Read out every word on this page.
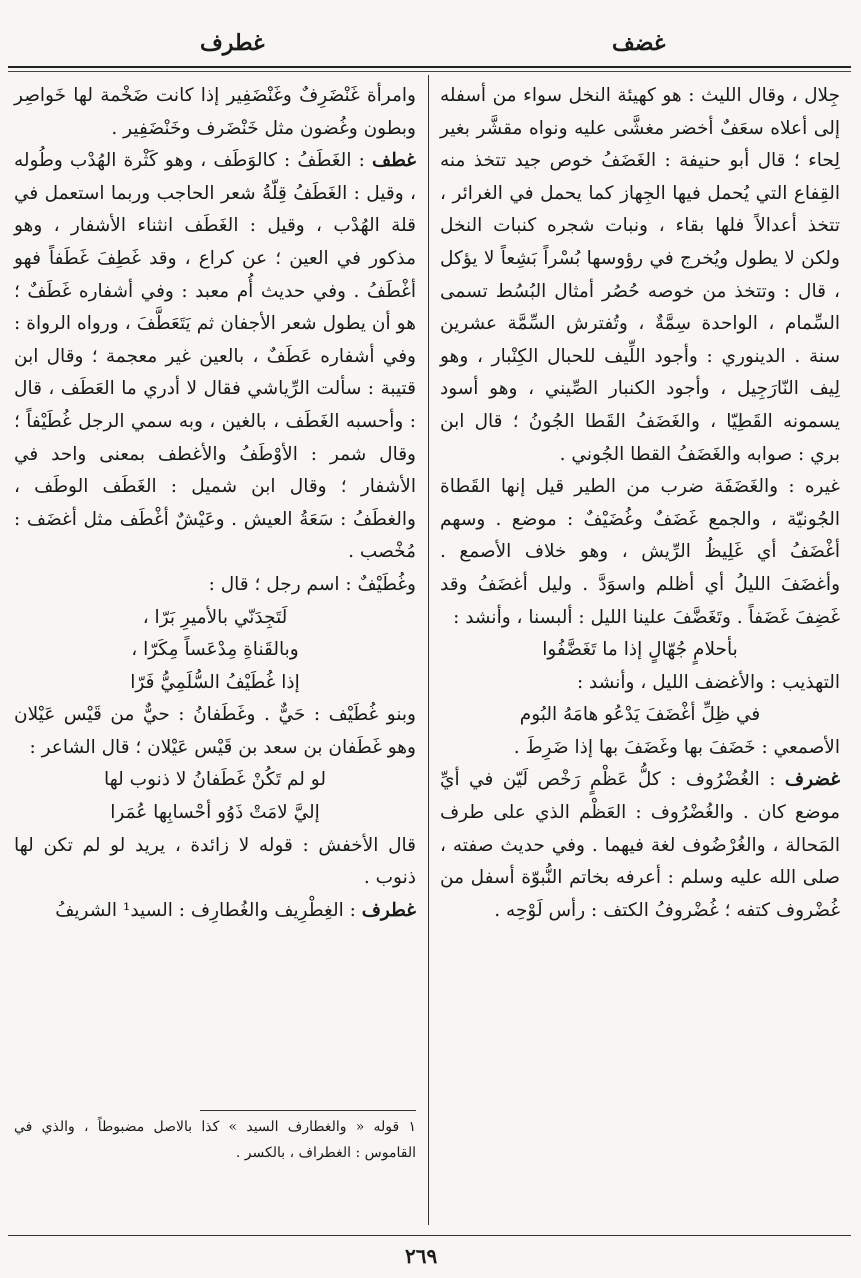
غطرف	غضف

جِلال ، وقال الليث : هو كهيئة النخل سواء من أسفله إلى أعلاه سعَفٌ أخضر مغشَّى عليه ونواه مقشَّر بغير لِحاء ؛ قال أبو حنيفة : الغَضَفُ خوص جيد تتخذ منه القِفاع التي يُحمل فيها الجِهاز كما يحمل في الغرائر ، تتخذ أعدالاً فلها بقاء ، ونبات شجره كنبات النخل ولكن لا يطول ويُخرج في رؤوسها بُسْراً بَشِعاً لا يؤكل ، قال : وتتخذ من خوصه حُصُر أمثال البُسُط تسمى السِّمام ، الواحدة سِمَّةٌ ، وتُفترش السِّمَّة عشرين سنة . الدينوري : وأجود اللِّيف للحبال الكِنْبار ، وهو لِيف النّارَجِيل ، وأجود الكنبار الصِّيني ، وهو أسود يسمونه القَطِيّا ، والغَضَفُ القَطا الجُونُ ؛ قال ابن بري : صوابه والغَضَفُ القطا الجُوني .

غيره : والغَضَفَة ضرب من الطير قيل إنها القَطاة الجُونيّة ، والجمع غَضَفٌ وغُضَيْفٌ : موضع . وسهم أغْضَفُ أي غَلِيظُ الرِّيش ، وهو خلاف الأصمع . وأغضَفَ الليلُ أي أظلم واسوَدَّ . وليل أغضَفُ وقد غَضِفَ غَضَفاً . وتَغَضَّفَ علينا الليل : ألبسنا ، وأنشد :

بأحلامٍ جُهّالٍ إذا ما تَغَضَّفُوا

التهذيب : والأغضف الليل ، وأنشد :

في ظِلِّ أغْضَفَ يَدْعُو هامَهُ البُوم

الأصمعي : خَضَفَ بها وغَضَفَ بها إذا ضَرِطَ .

غضرف : الغُضْرُوف : كلُّ عَظْمٍ رَخْص لَيّن في أيِّ موضع كان . والغُضْرُوف : العَظْم الذي على طرف المَحالة ، والغُرْضُوف لغة فيهما . وفي حديث صفته ، صلى الله عليه وسلم : أعرفه بخاتم النُّبوّة أسفل من غُضْروف كتفه ؛ غُضْروفُ الكتف : رأس لَوْحِه .

وامرأة غَنْضَرِفٌ وغَنْضَفِير إذا كانت ضَخْمة لها خَواصِر وبطون وغُضون مثل خَنْضَرف وخَنْضَفِير .

غطف : الغَطَفُ : كالوَطَف ، وهو كَثْرة الهُدْب وطُوله ، وقيل : الغَطَفُ قِلّةُ شعر الحاجب وربما استعمل في قلة الهُدْب ، وقيل : الغَطَف انثناء الأشفار ، وهو مذكور في العين ؛ عن كراع ، وقد غَطِفَ غَطَفاً فهو أغْطَفُ . وفي حديث أُم معبد : وفي أشفاره غَطَفٌ ؛ هو أن يطول شعر الأجفان ثم يَتَعَطَّفَ ، ورواه الرواة : وفي أشفاره عَطَفٌ ، بالعين غير معجمة ؛ وقال ابن قتيبة : سألت الرِّياشي فقال لا أدري ما العَطَف ، قال : وأحسبه الغَطَف ، بالغين ، وبه سمي الرجل غُطَيْفاً ؛ وقال شمر : الأوْطَفُ والأغطف بمعنى واحد في الأشفار ؛ وقال ابن شميل : الغَطَف الوطَف ، والغطَفُ : سَعَةُ العيش . وعَيْشٌ أغْطَف مثل أغضَف : مُخْصب .

وغُطَيْفٌ : اسم رجل ؛ قال :

لَتَجِدَنّي بالأميرِ بَرّا ،

وبالقَناةِ مِدْعَساً مِكَرّا ،

إذا غُطَيْفُ السُّلَمِيُّ فَرّا

وبنو غُطَيْف : حَيٌّ . وغَطَفانُ : حيٌّ من قَيْس عَيْلان وهو غَطَفان بن سعد بن قَيْس عَيْلان ؛ قال الشاعر :

لو لم تَكُنْ غَطَفانُ لا ذنوب لها

إليَّ لامَتْ ذَوُو أحْسابِها عُمَرا

قال الأخفش : قوله لا زائدة ، يريد لو لم تكن لها ذنوب .

غطرف : الغِطْرِيف والغُطارِف : السيد¹ الشريفُ

١ قوله « والغطارف السيد » كذا بالاصل مضبوطاً ، والذي في القاموس : الغطراف ، بالكسر .
٢٦٩
